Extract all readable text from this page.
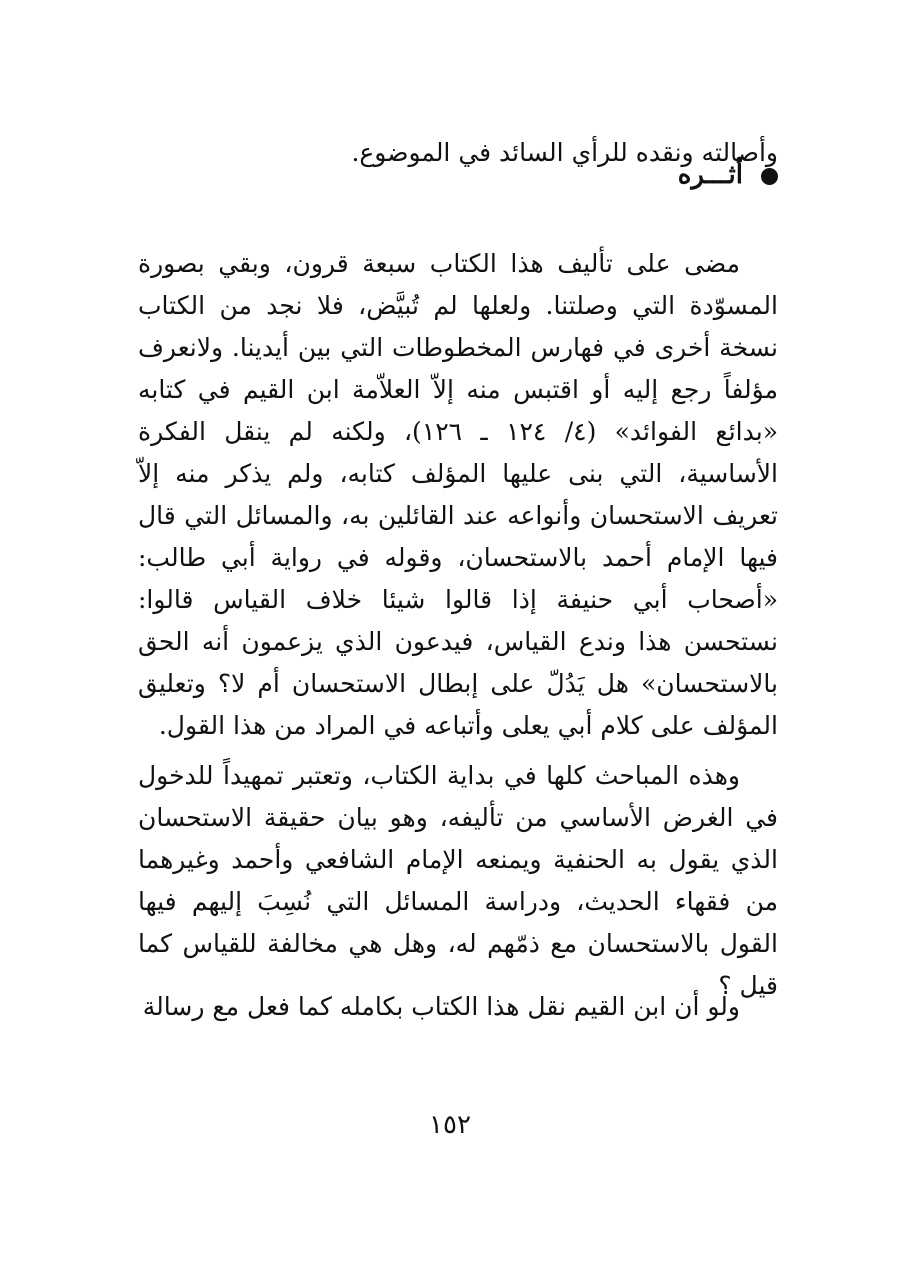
وأصالته ونقده للرأي السائد في الموضوع.

أثـــره

مضى على تأليف هذا الكتاب سبعة قرون، وبقي بصورة المسوّدة التي وصلتنا. ولعلها لم تُبيَّض، فلا نجد من الكتاب نسخة أخرى في فهارس المخطوطات التي بين أيدينا. ولانعرف مؤلفاً رجع إليه أو اقتبس منه إلاّ العلاّمة ابن القيم في كتابه «بدائع الفوائد» (٤/ ١٢٤ ـ ١٢٦)، ولكنه لم ينقل الفكرة الأساسية، التي بنى عليها المؤلف كتابه، ولم يذكر منه إلاّ تعريف الاستحسان وأنواعه عند القائلين به، والمسائل التي قال فيها الإمام أحمد بالاستحسان، وقوله في رواية أبي طالب: «أصحاب أبي حنيفة إذا قالوا شيئا خلاف القياس قالوا: نستحسن هذا وندع القياس، فيدعون الذي يزعمون أنه الحق بالاستحسان» هل يَدُلّ على إبطال الاستحسان أم لا؟ وتعليق المؤلف على كلام أبي يعلى وأتباعه في المراد من هذا القول.

وهذه المباحث كلها في بداية الكتاب، وتعتبر تمهيداً للدخول في الغرض الأساسي من تأليفه، وهو بيان حقيقة الاستحسان الذي يقول به الحنفية ويمنعه الإمام الشافعي وأحمد وغيرهما من فقهاء الحديث، ودراسة المسائل التي نُسِبَ إليهم فيها القول بالاستحسان مع ذمّهم له، وهل هي مخالفة للقياس كما قيل ؟

ولو أن ابن القيم نقل هذا الكتاب بكامله كما فعل مع رسالة

١٥٢
